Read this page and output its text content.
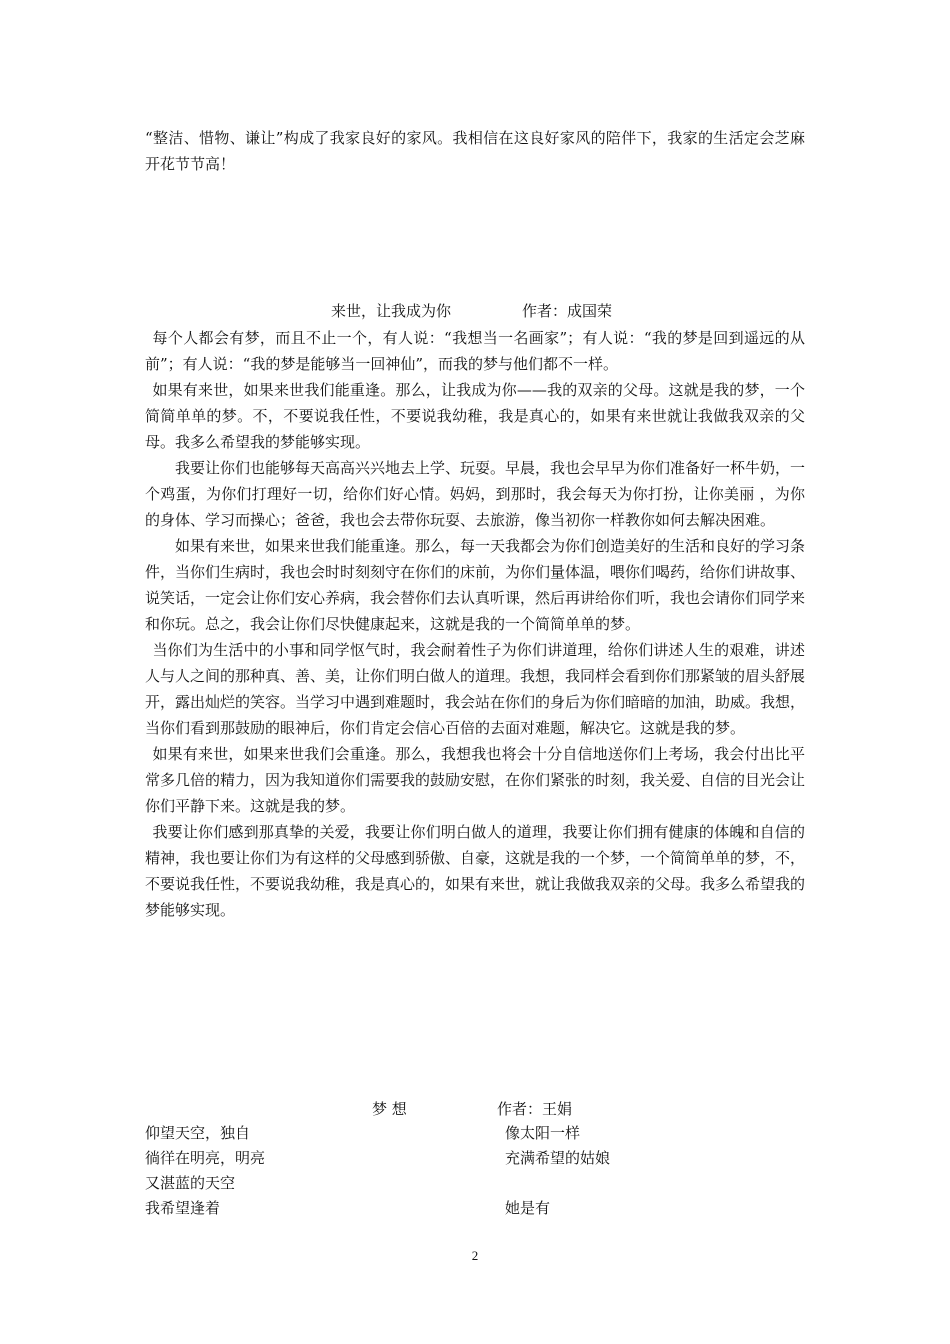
“整洁、惜物、谦让”构成了我家良好的家风。我相信在这良好家风的陪伴下，我家的生活定会芝麻开花节节高！

来世，让我成为你	作者：成国荣

每个人都会有梦，而且不止一个，有人说：“我想当一名画家”；有人说：“我的梦是回到遥远的从前”；有人说：“我的梦是能够当一回神仙”，而我的梦与他们都不一样。

如果有来世，如果来世我们能重逢。那么，让我成为你——我的双亲的父母。这就是我的梦，一个简简单单的梦。不，不要说我任性，不要说我幼稚，我是真心的，如果有来世就让我做我双亲的父母。我多么希望我的梦能够实现。

我要让你们也能够每天高高兴兴地去上学、玩耍。早晨，我也会早早为你们准备好一杯牛奶，一个鸡蛋，为你们打理好一切，给你们好心情。妈妈，到那时，我会每天为你打扮，让你美丽 ，为你的身体、学习而操心；爸爸，我也会去带你玩耍、去旅游，像当初你一样教你如何去解决困难。

如果有来世，如果来世我们能重逢。那么，每一天我都会为你们创造美好的生活和良好的学习条件，当你们生病时，我也会时时刻刻守在你们的床前，为你们量体温，喂你们喝药，给你们讲故事、说笑话，一定会让你们安心养病，我会替你们去认真听课，然后再讲给你们听，我也会请你们同学来和你玩。总之，我会让你们尽快健康起来，这就是我的一个简简单单的梦。

当你们为生活中的小事和同学怄气时，我会耐着性子为你们讲道理，给你们讲述人生的艰难，讲述人与人之间的那种真、善、美，让你们明白做人的道理。我想，我同样会看到你们那紧皱的眉头舒展开，露出灿烂的笑容。当学习中遇到难题时，我会站在你们的身后为你们暗暗的加油，助威。我想，当你们看到那鼓励的眼神后，你们肯定会信心百倍的去面对难题，解决它。这就是我的梦。

如果有来世，如果来世我们会重逢。那么，我想我也将会十分自信地送你们上考场，我会付出比平常多几倍的精力，因为我知道你们需要我的鼓励安慰，在你们紧张的时刻，我关爱、自信的目光会让你们平静下来。这就是我的梦。

我要让你们感到那真挚的关爱，我要让你们明白做人的道理，我要让你们拥有健康的体魄和自信的精神，我也要让你们为有这样的父母感到骄傲、自豪，这就是我的一个梦，一个简简单单的梦，不，不要说我任性，不要说我幼稚，我是真心的，如果有来世，就让我做我双亲的父母。我多么希望我的梦能够实现。

梦 想	作者：王娟
仰望天空，独自
徜徉在明亮，明亮
又湛蓝的天空
我希望逢着
像太阳一样
充满希望的姑娘
她是有
2
